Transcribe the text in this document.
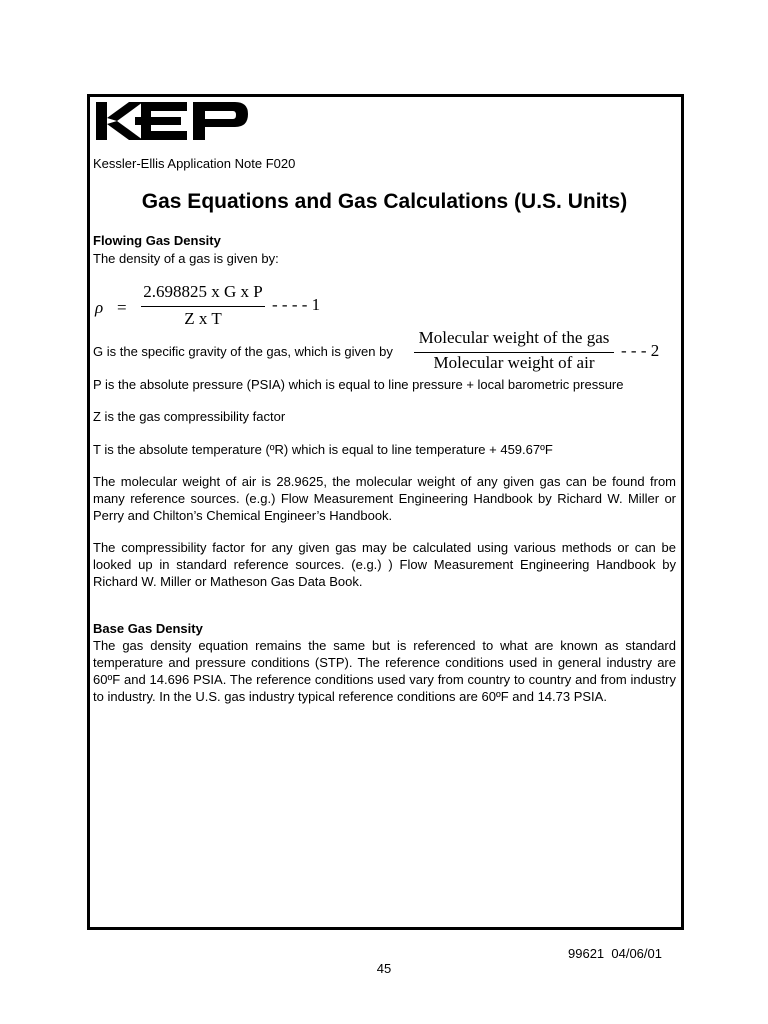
Kessler-Ellis Application Note F020
Gas Equations and Gas Calculations (U.S. Units)
Flowing Gas Density
The density of a gas is given by:
ρ =
2.698825 x G x P
Z x T
- - - - 1
G is the specific gravity of the gas, which is given by
Molecular weight of the gas
Molecular weight of air
- - - 2
P is the absolute pressure (PSIA) which is equal to line pressure + local barometric pressure
Z is the gas compressibility factor
T is the absolute temperature (ºR) which is equal to line temperature + 459.67ºF
The molecular weight of air is 28.9625, the molecular weight of any given gas can be found from many reference sources. (e.g.) Flow Measurement Engineering Handbook by Richard W. Miller or Perry and Chilton’s Chemical Engineer’s Handbook.
The compressibility factor for any given gas may be calculated using various methods or can be looked up in standard reference sources. (e.g.) ) Flow Measurement Engineering Handbook by Richard W. Miller or Matheson Gas Data Book.
Base Gas Density
The gas density equation remains the same but is referenced to what are known as standard temperature and pressure conditions (STP). The reference conditions used in general industry are 60ºF and 14.696 PSIA. The reference conditions used vary from country to country and from industry to industry. In the U.S. gas industry typical reference conditions are 60ºF and 14.73 PSIA.
99621  04/06/01
45
